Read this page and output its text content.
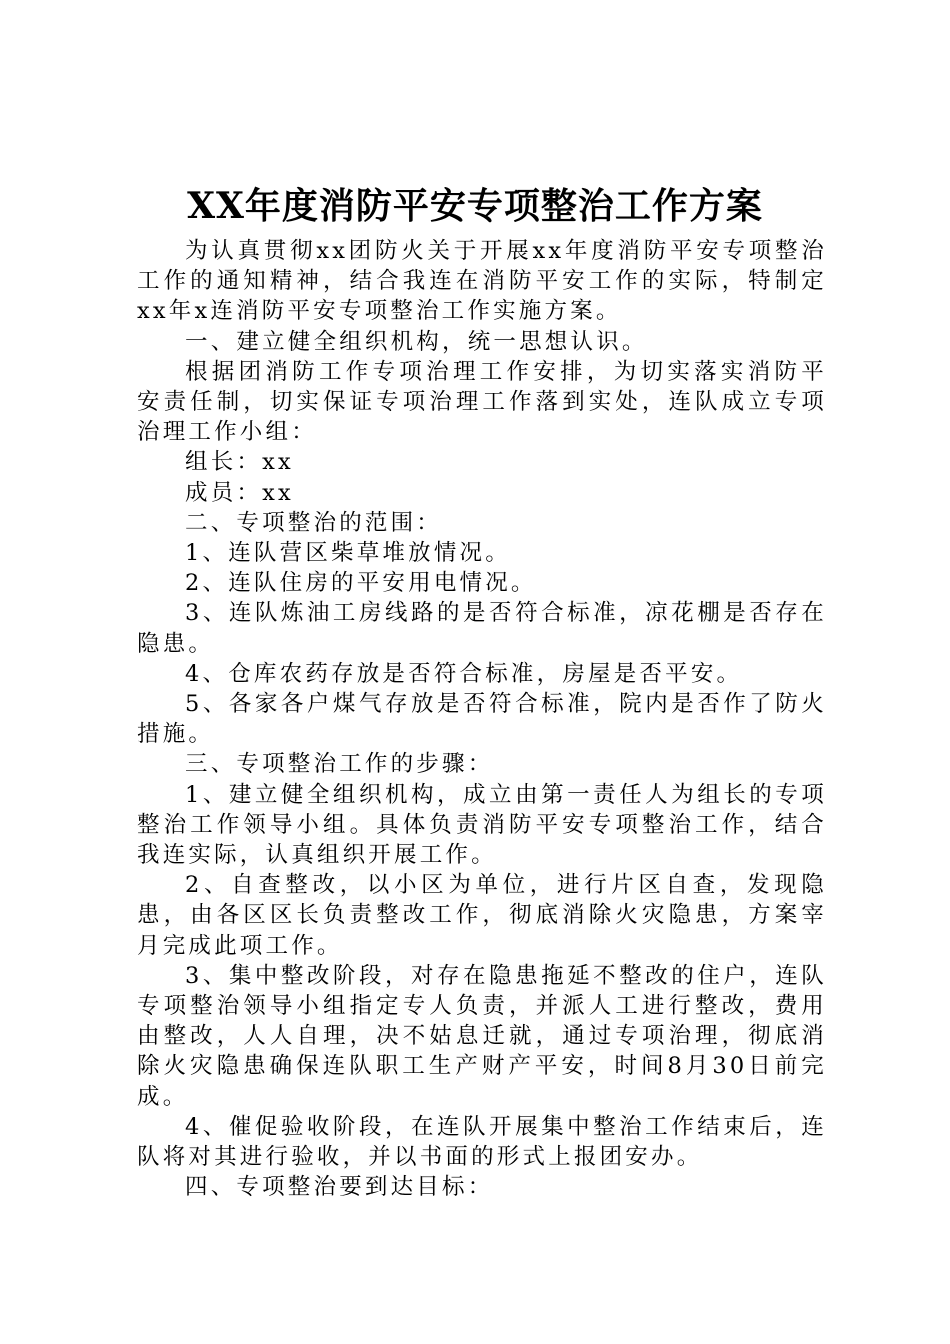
XX年度消防平安专项整治工作方案

为认真贯彻xx团防火关于开展xx年度消防平安专项整治工作的通知精神，结合我连在消防平安工作的实际，特制定xx年x连消防平安专项整治工作实施方案。

一、建立健全组织机构，统一思想认识。

根据团消防工作专项治理工作安排，为切实落实消防平安责任制，切实保证专项治理工作落到实处，连队成立专项治理工作小组：

组长：xx

成员：xx

二、专项整治的范围：

1、连队营区柴草堆放情况。

2、连队住房的平安用电情况。

3、连队炼油工房线路的是否符合标准，凉花棚是否存在隐患。

4、仓库农药存放是否符合标准，房屋是否平安。

5、各家各户煤气存放是否符合标准，院内是否作了防火措施。

三、专项整治工作的步骤：

1、建立健全组织机构，成立由第一责任人为组长的专项整治工作领导小组。具体负责消防平安专项整治工作，结合我连实际，认真组织开展工作。

2、自查整改，以小区为单位，进行片区自查，发现隐患，由各区区长负责整改工作，彻底消除火灾隐患，方案宰月完成此项工作。

3、集中整改阶段，对存在隐患拖延不整改的住户，连队专项整治领导小组指定专人负责，并派人工进行整改，费用由整改，人人自理，决不姑息迁就，通过专项治理，彻底消除火灾隐患确保连队职工生产财产平安，时间8月30日前完成。

4、催促验收阶段，在连队开展集中整治工作结束后，连队将对其进行验收，并以书面的形式上报团安办。

四、专项整治要到达目标：
